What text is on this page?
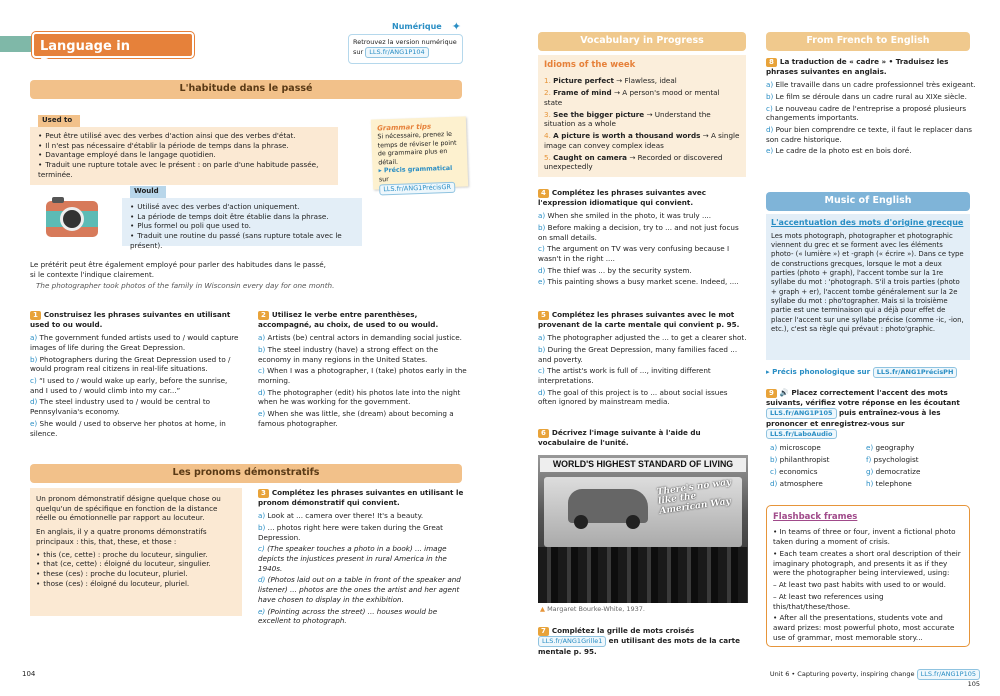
Language in Progress
Numérique ✦
Retrouvez la version numérique sur LLS.fr/ANG1P104
L'habitude dans le passé
Used to
• Peut être utilisé avec des verbes d'action ainsi que des verbes d'état.
• Il n'est pas nécessaire d'établir la période de temps dans la phrase.
• Davantage employé dans le langage quotidien.
• Traduit une rupture totale avec le présent : on parle d'une habitude passée, terminée.
Grammar tips
Si nécessaire, prenez le temps de réviser le point de grammaire plus en détail.
▸ Précis grammatical
sur LLS.fr/ANG1PrécisGR
Would
• Utilisé avec des verbes d'action uniquement.
• La période de temps doit être établie dans la phrase.
• Plus formel ou poli que used to.
• Traduit une routine du passé (sans rupture totale avec le présent).
Le prétérit peut être également employé pour parler des habitudes dans le passé, si le contexte l'indique clairement.
The photographer took photos of the family in Wisconsin every day for one month.
1 Construisez les phrases suivantes en utilisant used to ou would.
a) The government funded artists used to / would capture images of life during the Great Depression.
b) Photographers during the Great Depression used to / would program real citizens in real-life situations.
c) “I used to / would wake up early, before the sunrise, and I used to / would climb into my car...”
d) The steel industry used to / would be central to Pennsylvania's economy.
e) She would / used to observe her photos at home, in silence.
2 Utilisez le verbe entre parenthèses, accompagné, au choix, de used to ou would.
a) Artists (be) central actors in demanding social justice.
b) The steel industry (have) a strong effect on the economy in many regions in the United States.
c) When I was a photographer, I (take) photos early in the morning.
d) The photographer (edit) his photos late into the night when he was working for the government.
e) When she was little, she (dream) about becoming a famous photographer.
Les pronoms démonstratifs
Un pronom démonstratif désigne quelque chose ou quelqu'un de spécifique en fonction de la distance réelle ou émotionnelle par rapport au locuteur.
En anglais, il y a quatre pronoms démonstratifs principaux : this, that, these, et those :
• this (ce, cette) : proche du locuteur, singulier.
• that (ce, cette) : éloigné du locuteur, singulier.
• these (ces) : proche du locuteur, pluriel.
• those (ces) : éloigné du locuteur, pluriel.
3 Complétez les phrases suivantes en utilisant le pronom démonstratif qui convient.
a) Look at ... camera over there! It's a beauty.
b) ... photos right here were taken during the Great Depression.
c) (The speaker touches a photo in a book) ... image depicts the injustices present in rural America in the 1940s.
d) (Photos laid out on a table in front of the speaker and listener) ... photos are the ones the artist and her agent have chosen to display in the exhibition.
e) (Pointing across the street) ... houses would be excellent to photograph.
104
Vocabulary in Progress
Idioms of the week
1. Picture perfect → Flawless, ideal
2. Frame of mind → A person's mood or mental state
3. See the bigger picture → Understand the situation as a whole
4. A picture is worth a thousand words → A single image can convey complex ideas
5. Caught on camera → Recorded or discovered unexpectedly
4 Complétez les phrases suivantes avec l'expression idiomatique qui convient.
a) When she smiled in the photo, it was truly ....
b) Before making a decision, try to ... and not just focus on small details.
c) The argument on TV was very confusing because I wasn't in the right ....
d) The thief was ... by the security system.
e) This painting shows a busy market scene. Indeed, ....
5 Complétez les phrases suivantes avec le mot provenant de la carte mentale qui convient p. 95.
a) The photographer adjusted the ... to get a clearer shot.
b) During the Great Depression, many families faced ... and poverty.
c) The artist's work is full of ..., inviting different interpretations.
d) The goal of this project is to ... about social issues often ignored by mainstream media.
6 Décrivez l'image suivante à l'aide du vocabulaire de l'unité.
WORLD'S HIGHEST STANDARD OF LIVING
There's no way like the American Way
▲ Margaret Bourke-White, 1937.
7 Complétez la grille de mots croisés
LLS.fr/ANG1Grille1 en utilisant des mots de la carte mentale p. 95.
From French to English
8 La traduction de « cadre » • Traduisez les phrases suivantes en anglais.
a) Elle travaille dans un cadre professionnel très exigeant.
b) Le film se déroule dans un cadre rural au XIXe siècle.
c) Le nouveau cadre de l'entreprise a proposé plusieurs changements importants.
d) Pour bien comprendre ce texte, il faut le replacer dans son cadre historique.
e) Le cadre de la photo est en bois doré.
Music of English
L'accentuation des mots d'origine grecque
Les mots photograph, photographer et photographic viennent du grec et se forment avec les éléments photo- (« lumière ») et -graph (« écrire »). Dans ce type de constructions grecques, lorsque le mot a deux parties (photo + graph), l'accent tombe sur la 1re syllabe du mot : 'photograph. S'il a trois parties (photo + graph + er), l'accent tombe généralement sur la 2e syllabe du mot : pho'tographer. Mais si la troisième partie est une terminaison qui a déjà pour effet de placer l'accent sur une syllabe précise (comme -ic, -ion, etc.), c'est sa règle qui prévaut : photo'graphic.
▸ Précis phonologique sur LLS.fr/ANG1PrécisPH
9 🔊 Placez correctement l'accent des mots suivants, vérifiez votre réponse en les écoutant LLS.fr/ANG1P105 puis entraînez-vous à les prononcer et enregistrez-vous sur LLS.fr/LaboAudio
a) microscope
b) philanthropist
c) economics
d) atmosphere
e) geography
f) psychologist
g) democratize
h) telephone
Flashback frames
• In teams of three or four, invent a fictional photo taken during a moment of crisis.
• Each team creates a short oral description of their imaginary photograph, and presents it as if they were the photographer being interviewed, using:
– At least two past habits with used to or would.
– At least two references using this/that/these/those.
• After all the presentations, students vote and award prizes: most powerful photo, most accurate use of grammar, most memorable story...
Unit 6 • Capturing poverty, inspiring change LLS.fr/ANG1P105 105
